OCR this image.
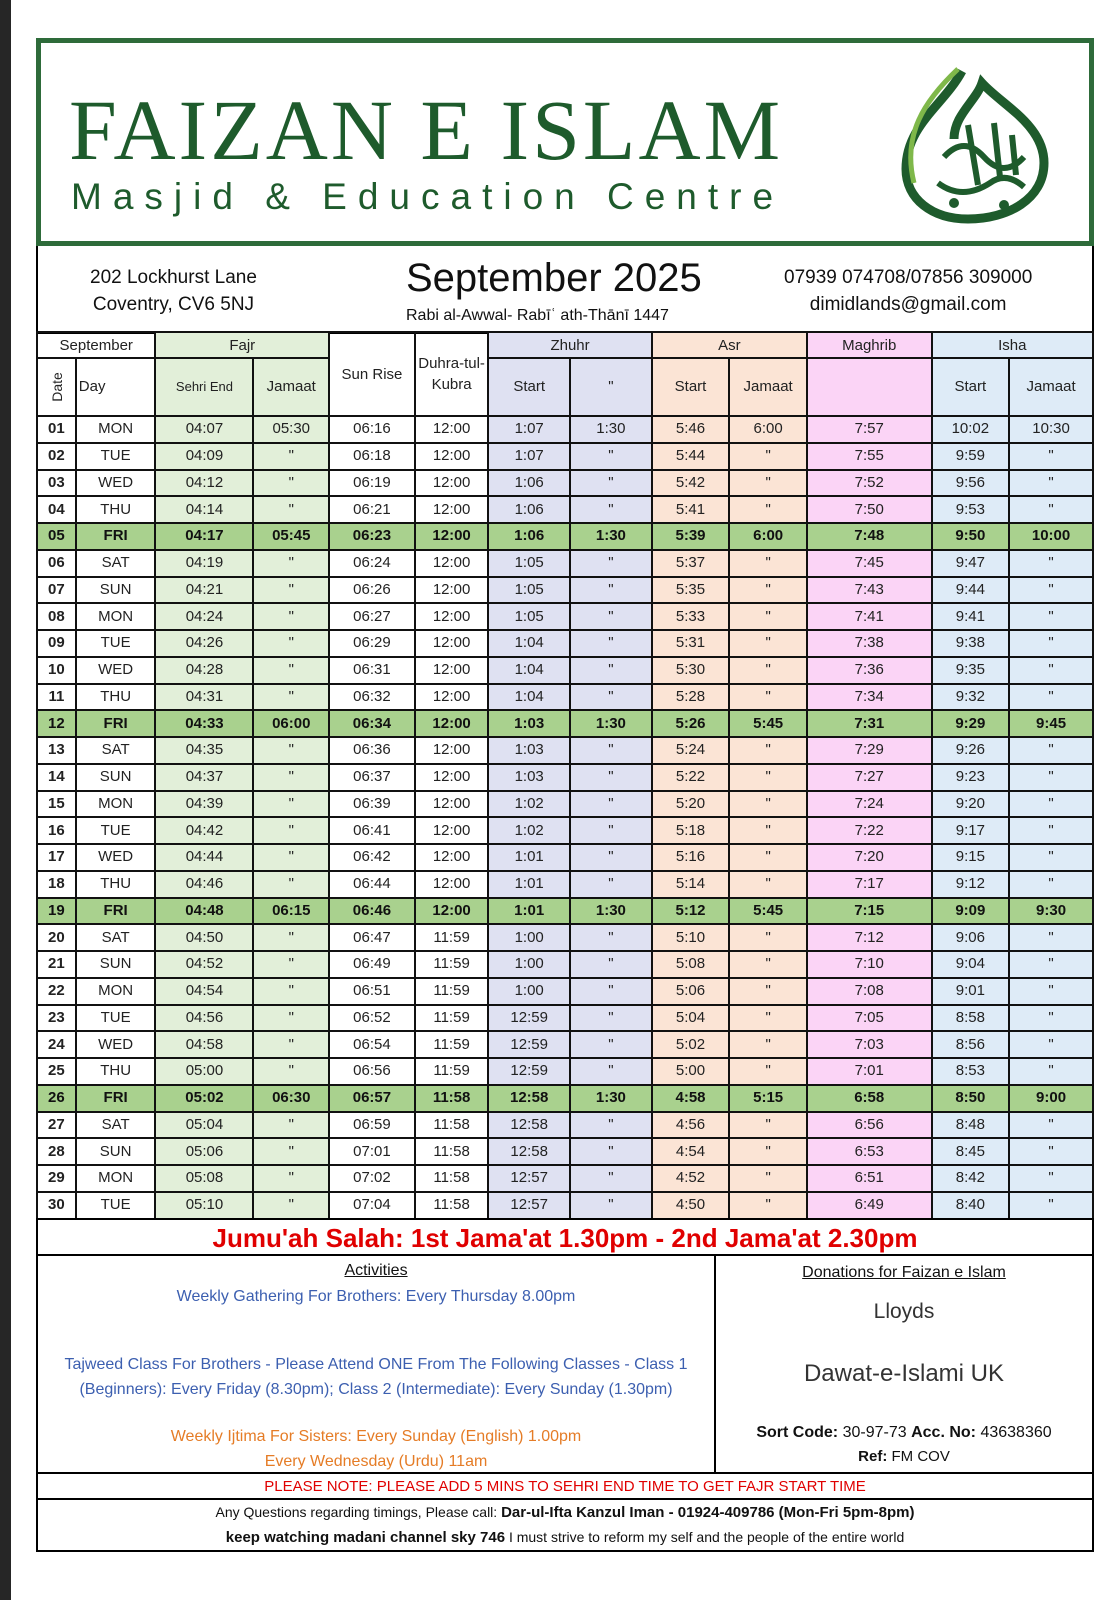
FAIZAN E ISLAM
Masjid & Education Centre
202 Lockhurst Lane
Coventry, CV6 5NJ
September 2025
Rabi al-Awwal- Rabīʿ ath-Thānī 1447
07939 074708/07856 309000
dimidlands@gmail.com
September		Fajr		Sun Rise	Duhra-tul-Kubra	Zhuhr		Asr		Maghrib	Isha	
Date	Day	Sehri End	Jamaat			Start	"	Start	Jamaat		Start	Jamaat
01	MON	04:07	05:30	06:16	12:00	1:07	1:30	5:46	6:00	7:57	10:02	10:30
02	TUE	04:09	"	06:18	12:00	1:07	"	5:44	"	7:55	9:59	"
03	WED	04:12	"	06:19	12:00	1:06	"	5:42	"	7:52	9:56	"
04	THU	04:14	"	06:21	12:00	1:06	"	5:41	"	7:50	9:53	"
05	FRI	04:17	05:45	06:23	12:00	1:06	1:30	5:39	6:00	7:48	9:50	10:00
06	SAT	04:19	"	06:24	12:00	1:05	"	5:37	"	7:45	9:47	"
07	SUN	04:21	"	06:26	12:00	1:05	"	5:35	"	7:43	9:44	"
08	MON	04:24	"	06:27	12:00	1:05	"	5:33	"	7:41	9:41	"
09	TUE	04:26	"	06:29	12:00	1:04	"	5:31	"	7:38	9:38	"
10	WED	04:28	"	06:31	12:00	1:04	"	5:30	"	7:36	9:35	"
11	THU	04:31	"	06:32	12:00	1:04	"	5:28	"	7:34	9:32	"
12	FRI	04:33	06:00	06:34	12:00	1:03	1:30	5:26	5:45	7:31	9:29	9:45
13	SAT	04:35	"	06:36	12:00	1:03	"	5:24	"	7:29	9:26	"
14	SUN	04:37	"	06:37	12:00	1:03	"	5:22	"	7:27	9:23	"
15	MON	04:39	"	06:39	12:00	1:02	"	5:20	"	7:24	9:20	"
16	TUE	04:42	"	06:41	12:00	1:02	"	5:18	"	7:22	9:17	"
17	WED	04:44	"	06:42	12:00	1:01	"	5:16	"	7:20	9:15	"
18	THU	04:46	"	06:44	12:00	1:01	"	5:14	"	7:17	9:12	"
19	FRI	04:48	06:15	06:46	12:00	1:01	1:30	5:12	5:45	7:15	9:09	9:30
20	SAT	04:50	"	06:47	11:59	1:00	"	5:10	"	7:12	9:06	"
21	SUN	04:52	"	06:49	11:59	1:00	"	5:08	"	7:10	9:04	"
22	MON	04:54	"	06:51	11:59	1:00	"	5:06	"	7:08	9:01	"
23	TUE	04:56	"	06:52	11:59	12:59	"	5:04	"	7:05	8:58	"
24	WED	04:58	"	06:54	11:59	12:59	"	5:02	"	7:03	8:56	"
25	THU	05:00	"	06:56	11:59	12:59	"	5:00	"	7:01	8:53	"
26	FRI	05:02	06:30	06:57	11:58	12:58	1:30	4:58	5:15	6:58	8:50	9:00
27	SAT	05:04	"	06:59	11:58	12:58	"	4:56	"	6:56	8:48	"
28	SUN	05:06	"	07:01	11:58	12:58	"	4:54	"	6:53	8:45	"
29	MON	05:08	"	07:02	11:58	12:57	"	4:52	"	6:51	8:42	"
30	TUE	05:10	"	07:04	11:58	12:57	"	4:50	"	6:49	8:40	"
Jumu'ah Salah: 1st Jama'at 1.30pm - 2nd Jama'at 2.30pm
Activities
Weekly Gathering For Brothers: Every Thursday 8.00pm
Tajweed Class For Brothers - Please Attend ONE From The Following Classes - Class 1 (Beginners): Every Friday (8.30pm); Class 2 (Intermediate): Every Sunday (1.30pm)
Weekly Ijtima For Sisters: Every Sunday (English) 1.00pm
Every Wednesday (Urdu) 11am
Donations for Faizan e Islam
Lloyds
Dawat-e-Islami UK
Sort Code: 30-97-73 Acc. No: 43638360
Ref: FM COV
PLEASE NOTE: PLEASE ADD 5 MINS TO SEHRI END TIME TO GET FAJR START TIME
Any Questions regarding timings, Please call: Dar-ul-Ifta Kanzul Iman - 01924-409786 (Mon-Fri 5pm-8pm)
keep watching madani channel sky 746 I must strive to reform my self and the people of the entire world
